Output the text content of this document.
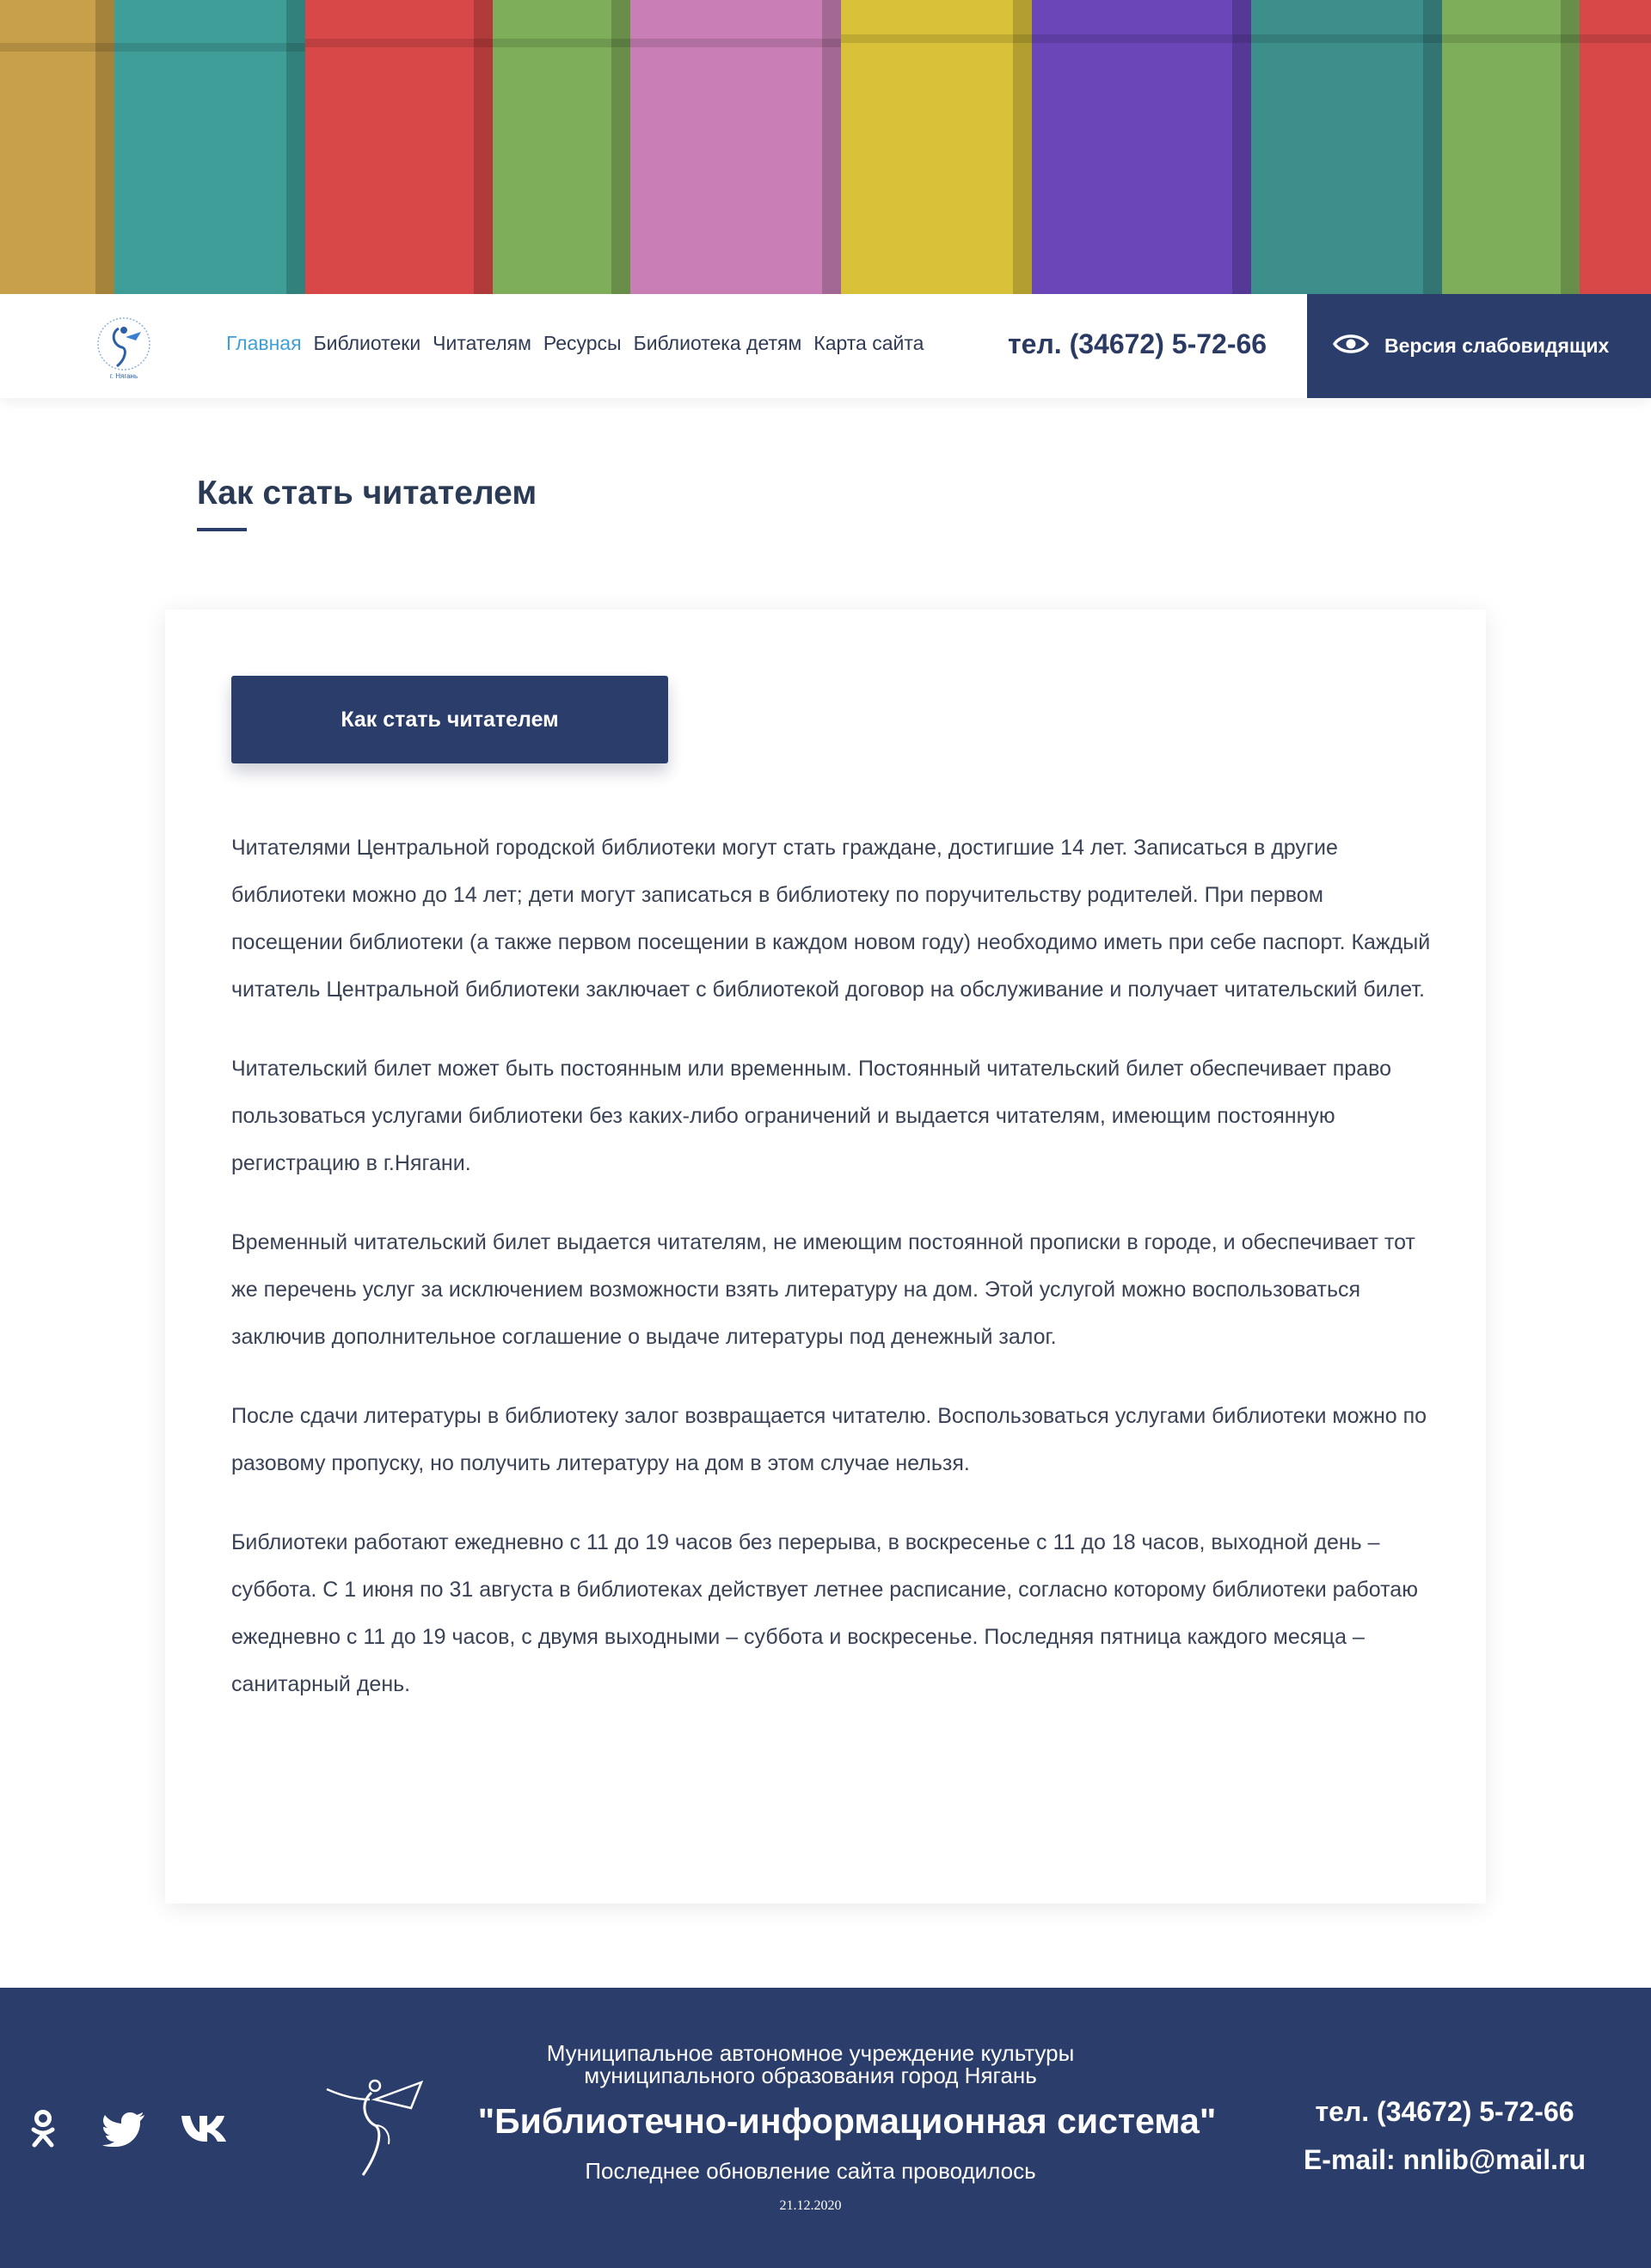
г. Нягань
Главная Библиотеки Читателям Ресурсы Библиотека детям Карта сайта	тел. (34672) 5-72-66	Версия слабовидящих
Как стать читателем
Как стать читателем

Читателями Центральной городской библиотеки могут стать граждане, достигшие 14 лет. Записаться в другие библиотеки можно до 14 лет; дети могут записаться в библиотеку по поручительству родителей. При первом посещении библиотеки (а также первом посещении в каждом новом году) необходимо иметь при себе паспорт. Каждый читатель Центральной библиотеки заключает с библиотекой договор на обслуживание и получает читательский билет.

Читательский билет может быть постоянным или временным. Постоянный читательский билет обеспечивает право пользоваться услугами библиотеки без каких-либо ограничений и выдается читателям, имеющим постоянную регистрацию в г.Нягани.

Временный читательский билет выдается читателям, не имеющим постоянной прописки в городе, и обеспечивает тот же перечень услуг за исключением возможности взять литературу на дом. Этой услугой можно воспользоваться заключив дополнительное соглашение о выдаче литературы под денежный залог.

После сдачи литературы в библиотеку залог возвращается читателю. Воспользоваться услугами библиотеки можно по разовому пропуску, но получить литературу на дом в этом случае нельзя.

Библиотеки работают ежедневно с 11 до 19 часов без перерыва, в воскресенье с 11 до 18 часов, выходной день – суббота. С 1 июня по 31 августа в библиотеках действует летнее расписание, согласно которому библиотеки работаю ежедневно с 11 до 19 часов, с двумя выходными – суббота и воскресенье. Последняя пятница каждого месяца – санитарный день.

Муниципальное автономное учреждение культуры
муниципального образования город Нягань
"Библиотечно-информационная система"
Последнее обновление сайта проводилось
21.12.2020
тел. (34672) 5-72-66
E-mail: nnlib@mail.ru
